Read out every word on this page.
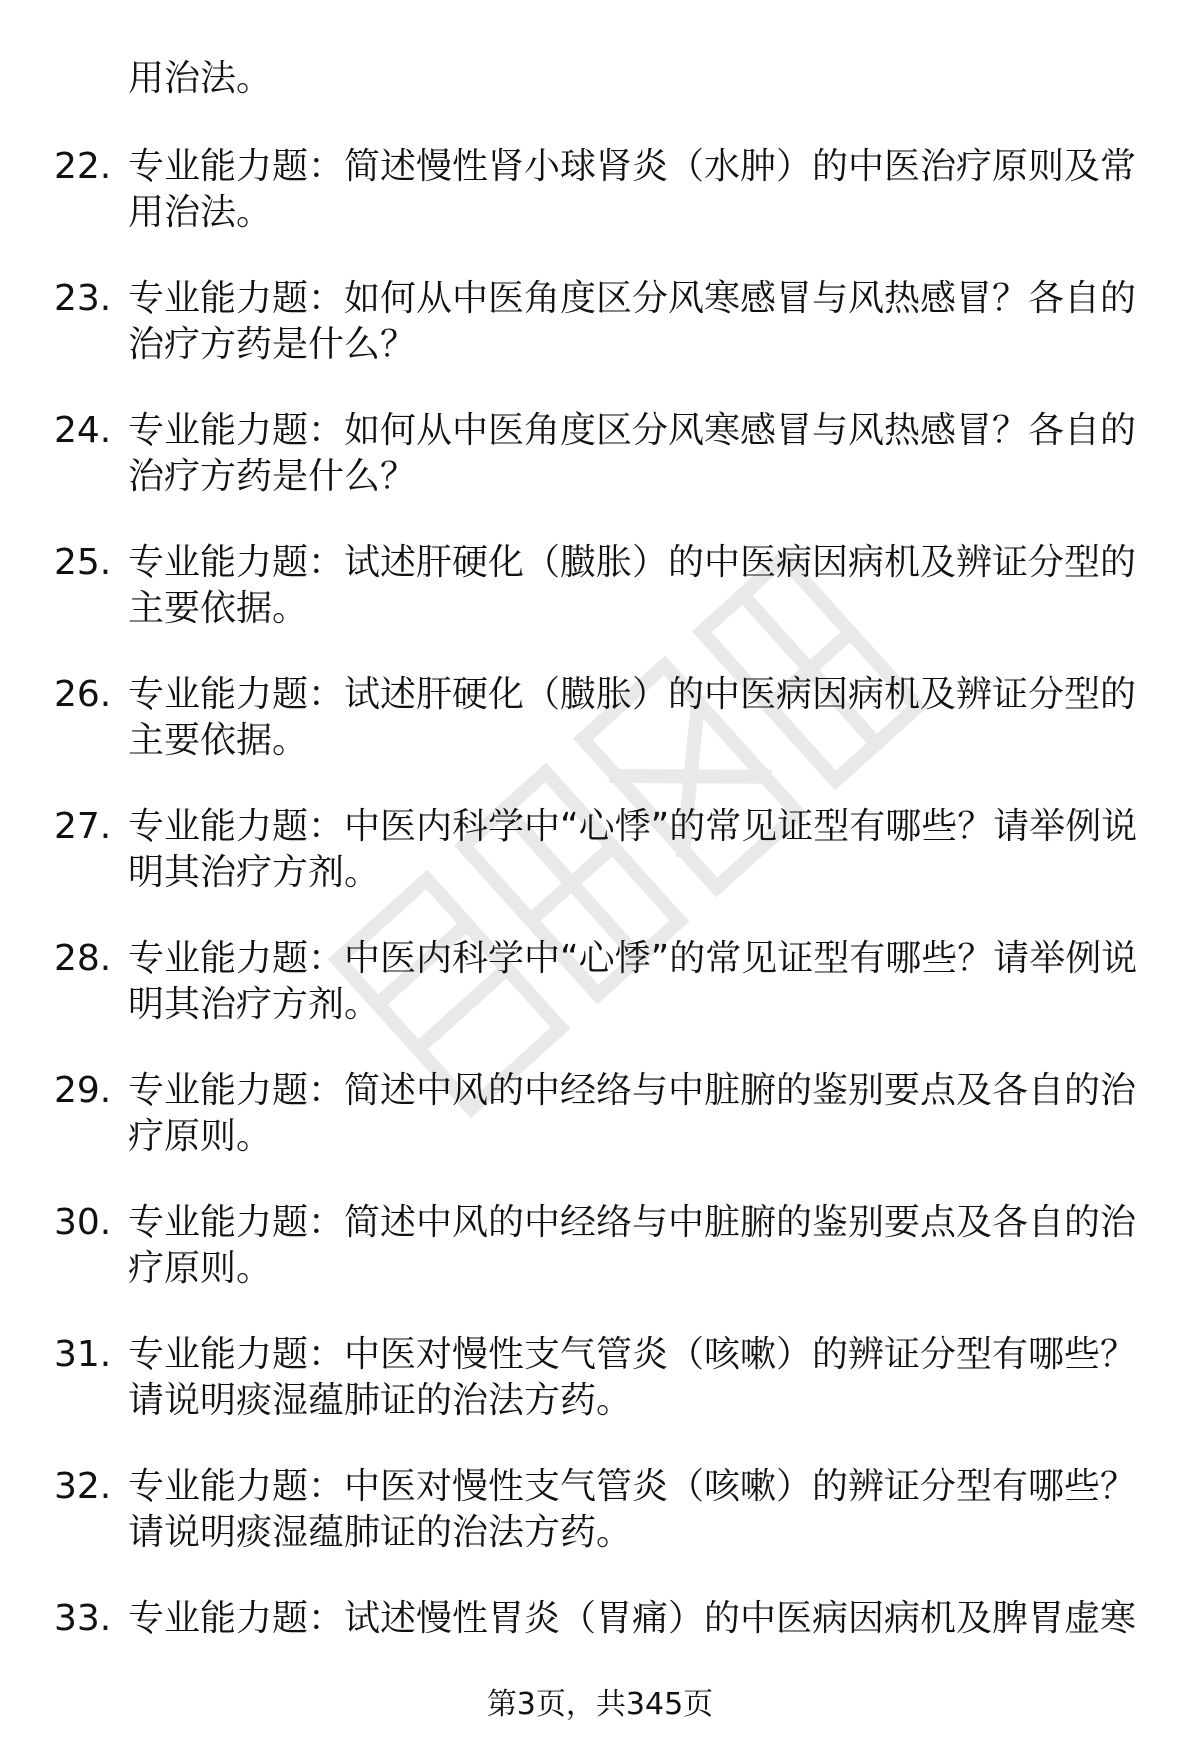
用治法。
22. 专业能力题：简述慢性肾小球肾炎（水肿）的中医治疗原则及常用治法。
23. 专业能力题：如何从中医角度区分风寒感冒与风热感冒？各自的治疗方药是什么？
24. 专业能力题：如何从中医角度区分风寒感冒与风热感冒？各自的治疗方药是什么？
25. 专业能力题：试述肝硬化（臌胀）的中医病因病机及辨证分型的主要依据。
26. 专业能力题：试述肝硬化（臌胀）的中医病因病机及辨证分型的主要依据。
27. 专业能力题：中医内科学中“心悸”的常见证型有哪些？请举例说明其治疗方剂。
28. 专业能力题：中医内科学中“心悸”的常见证型有哪些？请举例说明其治疗方剂。
29. 专业能力题：简述中风的中经络与中脏腑的鉴别要点及各自的治疗原则。
30. 专业能力题：简述中风的中经络与中脏腑的鉴别要点及各自的治疗原则。
31. 专业能力题：中医对慢性支气管炎（咳嗽）的辨证分型有哪些？请说明痰湿蕴肺证的治法方药。
32. 专业能力题：中医对慢性支气管炎（咳嗽）的辨证分型有哪些？请说明痰湿蕴肺证的治法方药。
33. 专业能力题：试述慢性胃炎（胃痛）的中医病因病机及脾胃虚寒
第3页，共345页
